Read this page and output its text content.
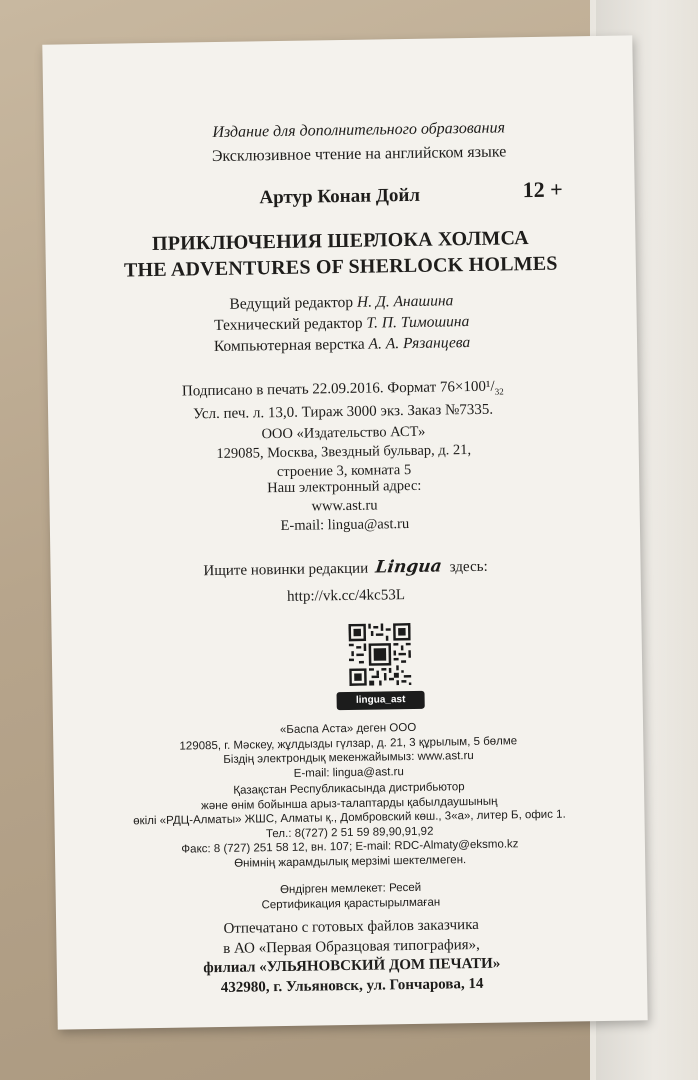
Издание для дополнительного образования
Эксклюзивное чтение на английском языке
Артур Конан Дойл	12 +
ПРИКЛЮЧЕНИЯ ШЕРЛОКА ХОЛМСА
THE ADVENTURES OF SHERLOCK HOLMES
Ведущий редактор Н. Д. Анашина
Технический редактор Т. П. Тимошина
Компьютерная верстка А. А. Рязанцева
Подписано в печать 22.09.2016. Формат $76\times 100^1/_{32}$
Усл. печ. л. 13,0. Тираж 3000 экз. Заказ №7335.
ООО «Издательство АСТ»
129085, Москва, Звездный бульвар, д. 21,
строение 3, комната 5
Наш электронный адрес:
www.ast.ru
E-mail: lingua@ast.ru
Ищите новинки редакции Lingua здесь:
http://vk.cc/4kc53L
lingua_ast
«Баспа Аста» деген ООО
129085, г. Мәскеу, жұлдызды гүлзар, д. 21, 3 құрылым, 5 бөлме
Біздің электрондық мекенжайымыз: www.ast.ru
E-mail: lingua@ast.ru
Қазақстан Республикасында дистрибьютор
және өнім бойынша арыз-талаптарды қабылдаушының
өкілі «РДЦ-Алматы» ЖШС, Алматы қ., Домбровский көш., 3«а», литер Б, офис 1.
Тел.: 8(727) 2 51 59 89,90,91,92
Факс: 8 (727) 251 58 12, вн. 107; E-mail: RDC-Almaty@eksmo.kz
Өнімнің жарамдылық мерзімі шектелмеген.
Өндірген мемлекет: Ресей
Сертификация қарастырылмаған
Отпечатано с готовых файлов заказчика
в АО «Первая Образцовая типография»,
филиал «УЛЬЯНОВСКИЙ ДОМ ПЕЧАТИ»
432980, г. Ульяновск, ул. Гончарова, 14
